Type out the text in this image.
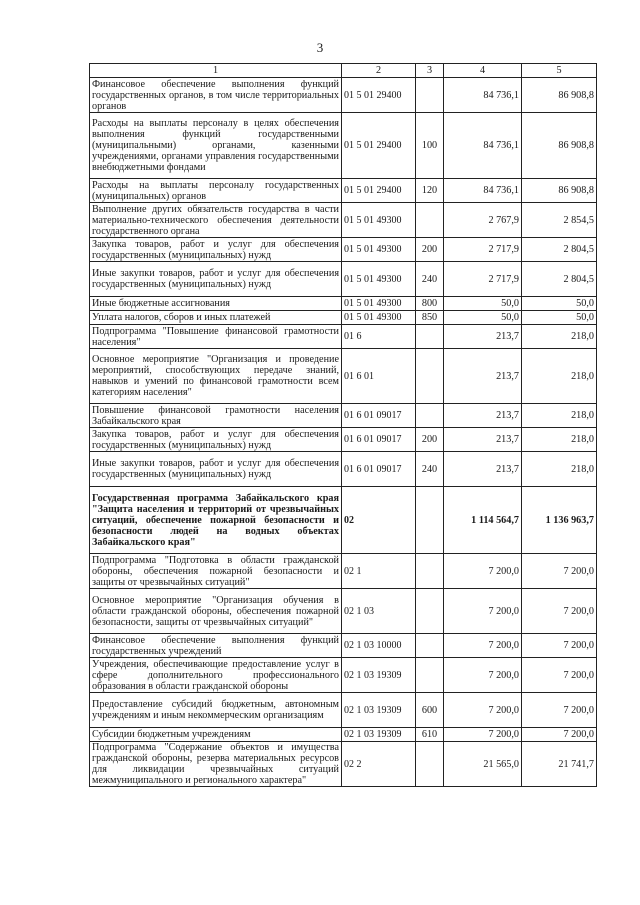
3
1	2	3	4	5
Финансовое обеспечение выполнения функций государственных органов, в том числе территориальных органов	01 5 01 29400		84 736,1	86 908,8
Расходы на выплаты персоналу в целях обеспечения выполнения функций государственными (муниципальными) органами, казенными учреждениями, органами управления государственными внебюджетными фондами	01 5 01 29400	100	84 736,1	86 908,8
Расходы на выплаты персоналу государственных (муниципальных) органов	01 5 01 29400	120	84 736,1	86 908,8
Выполнение других обязательств государства в части материально-технического обеспечения деятельности государственного органа	01 5 01 49300		2 767,9	2 854,5
Закупка товаров, работ и услуг для обеспечения государственных (муниципальных) нужд	01 5 01 49300	200	2 717,9	2 804,5
Иные закупки товаров, работ и услуг для обеспечения государственных (муниципальных) нужд	01 5 01 49300	240	2 717,9	2 804,5
Иные бюджетные ассигнования	01 5 01 49300	800	50,0	50,0
Уплата налогов, сборов и иных платежей	01 5 01 49300	850	50,0	50,0
Подпрограмма "Повышение финансовой грамотности населения"	01 6		213,7	218,0
Основное мероприятие "Организация и проведение мероприятий, способствующих передаче знаний, навыков и умений по финансовой грамотности всем категориям населения"	01 6 01		213,7	218,0
Повышение финансовой грамотности населения Забайкальского края	01 6 01 09017		213,7	218,0
Закупка товаров, работ и услуг для обеспечения государственных (муниципальных) нужд	01 6 01 09017	200	213,7	218,0
Иные закупки товаров, работ и услуг для обеспечения государственных (муниципальных) нужд	01 6 01 09017	240	213,7	218,0
Государственная программа Забайкальского края "Защита населения и территорий от чрезвычайных ситуаций, обеспечение пожарной безопасности и безопасности людей на водных объектах Забайкальского края"	02		1 114 564,7	1 136 963,7
Подпрограмма "Подготовка в области гражданской обороны, обеспечения пожарной безопасности и защиты от чрезвычайных ситуаций"	02 1		7 200,0	7 200,0
Основное мероприятие "Организация обучения в области гражданской обороны, обеспечения пожарной безопасности, защиты от чрезвычайных ситуаций"	02 1 03		7 200,0	7 200,0
Финансовое обеспечение выполнения функций государственных учреждений	02 1 03 10000		7 200,0	7 200,0
Учреждения, обеспечивающие предоставление услуг в сфере дополнительного профессионального образования в области гражданской обороны	02 1 03 19309		7 200,0	7 200,0
Предоставление субсидий бюджетным, автономным учреждениям и иным некоммерческим организациям	02 1 03 19309	600	7 200,0	7 200,0
Субсидии бюджетным учреждениям	02 1 03 19309	610	7 200,0	7 200,0
Подпрограмма "Содержание объектов и имущества гражданской обороны, резерва материальных ресурсов для ликвидации чрезвычайных ситуаций межмуниципального и регионального характера"	02 2		21 565,0	21 741,7
